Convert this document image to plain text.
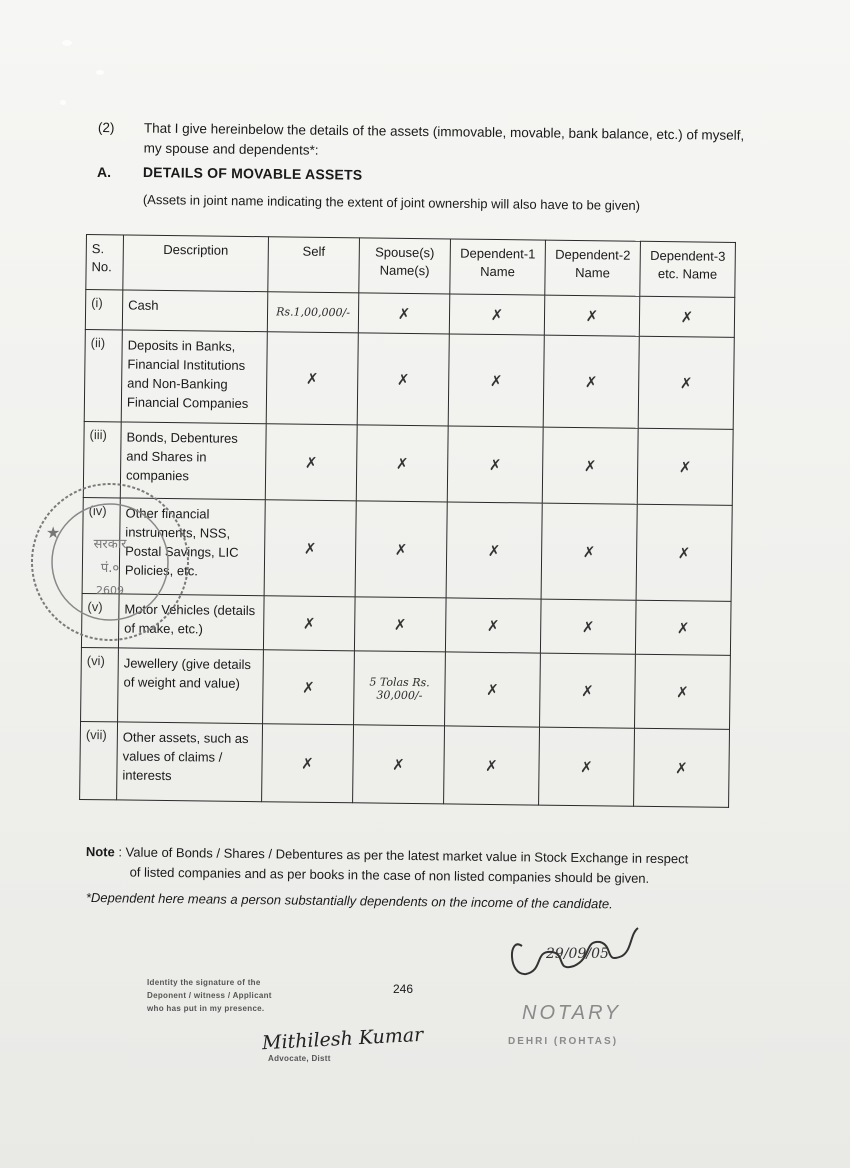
(2) That I give hereinbelow the details of the assets (immovable, movable, bank balance, etc.) of myself, my spouse and dependents*:
A. DETAILS OF MOVABLE ASSETS
(Assets in joint name indicating the extent of joint ownership will also have to be given)
S. No.	Description	Self	Spouse(s) Name(s)	Dependent-1 Name	Dependent-2 Name	Dependent-3 etc. Name
(i)	Cash	Rs.1,00,000/-	✗	✗	✗	✗
(ii)	Deposits in Banks, Financial Institutions and Non-Banking Financial Companies	✗	✗	✗	✗	✗
(iii)	Bonds, Debentures and Shares in companies	✗	✗	✗	✗	✗
(iv)	Other financial instruments, NSS, Postal Savings, LIC Policies, etc.	✗	✗	✗	✗	✗
(v)	Motor Vehicles (details of make, etc.)	✗	✗	✗	✗	✗
(vi)	Jewellery (give details of weight and value)	✗	5 Tolas Rs. 30,000/-	✗	✗	✗
(vii)	Other assets, such as values of claims / interests	✗	✗	✗	✗	✗
सरकार
पं.०
2609
★
Note : Value of Bonds / Shares / Debentures as per the latest market value in Stock Exchange in respect
of listed companies and as per books in the case of non listed companies should be given.
*Dependent here means a person substantially dependents on the income of the candidate.
29/09/05
Identity the signature of the
Deponent / witness / Applicant
who has put in my presence.
246
Mithilesh Kumar
Advocate, Distt
NOTARY
DEHRI (ROHTAS)
